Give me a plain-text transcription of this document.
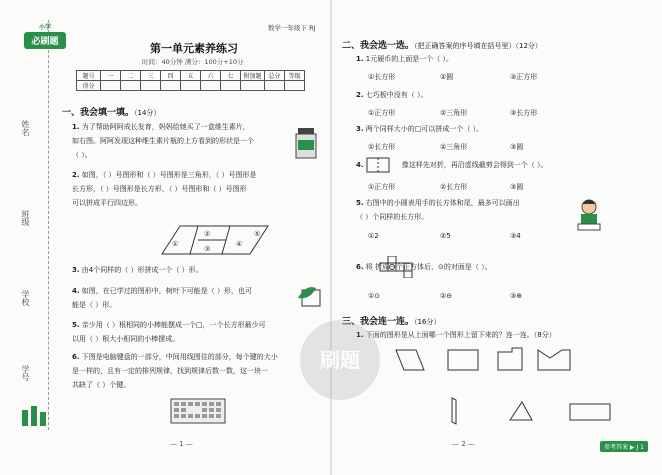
姓名
班级
学校
学号
小学
必刷题
数学一年级下 RJ
第一单元素养练习
时间：40分钟 满分：100分+10分
题号	一	二	三	四	五	六	七	附加题	总分	等级
得分										
一、我会填一填。（14分）
1. 为了帮助阿阿成长发育，妈妈给她买了一盒维生素片，
如右图。阿阿发现这种维生素片瓶的上方看到的形状是一个
（ ）。
2. 如图，（ ）号图形和（ ）号图形是三角形，（ ）号图形是
长方形，（ ）号图形是长方形，（ ）号图形和（ ）号图形
可以拼成平行四边形。
①
②
③
④
⑤
3. 由4个同样的（ ）形拼成一个（ ）形。
4. 如图，在已学过的图形中，树叶下可能是（ ）形，也可
能是（ ）形。
5. 亲少用（ ）根相同的小棒能摆成一个□，一个长方形最少可
以用（ ）根大小相同的小棒摆成。
6. 下图是电脑键盘的一部分，中间用线围住的部分，每个键的大小
是一样的，且有一定的排列规律，找到规律后数一数，这一块一
共缺了（ ）个键。
— 1 —
二、我会选一选。（把正确答案的序号填在括号里）（12分）
1. 1元硬币的上面是一个（ ）。
①长方形	②圆	③正方形
2. 七巧板中没有（ ）。
①正方形	②三角形	③长方形
3. 两个同样大小的□可以拼成一个（ ）。
①长方形	②三角形	③圆
4.	像这样先对折，再沿虚线截剪会得到一个（ ）。
①正方形	②长方形	③圆
5. 右图中的小圆表用手的长方体和尾，最多可以画出
（ ）个同样的长方形。
①2	②5	③4
6. 将 折成一个正方体后，⊙的对面是（ ）。
①⊙	②⊖	③⊕
三、我会连一连。（16分）
1. 下面的图形是从上面哪一个图形上留下来的？连一连。（8分）
— 2 —	参考答案 ▶ J 1
刷题
